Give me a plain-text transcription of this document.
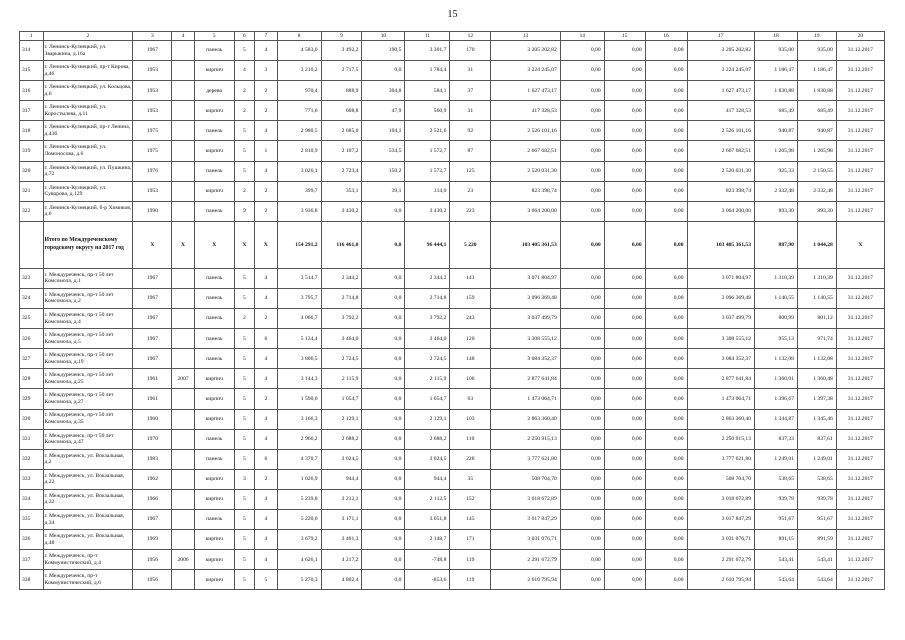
15
1	2	3	4	5	6	7	8	9	10	11	12	13	14	15	16	17	18	19	20
314	г. Ленинск-Кузнецкий, ул. Зварыкина, д.16а	1967		панель	5	4	4 583,0	3 492,2	190,5	3 301,7	170	3 205 202,82	0,00	0,00	0,00	3 205 202,82	935,00	935,00	31.12.2017
315	г. Ленинск-Кузнецкий, пр-т Кирова, д.46	1953		кирпич	4	3	3 210,2	2 717,5	0,0	1 784,4	31	3 224 245,07	0,00	0,00	0,00	3 224 245,07	1 186,47	1 186,47	31.12.2017
316	г. Ленинск-Кузнецкий, ул. Кольцова, д.6	1953		дерево	2	2	970,4	888,9	304,8	584,1	37	1 627 473,17	0,00	0,00	0,00	1 627 473,17	1 830,88	1 830,88	31.12.2017
317	г. Ленинск-Кузнецкий, ул. Коростылева, д.11	1953		кирпич	2	2	771,6	608,8	47,9	560,9	31	417 328,53	0,00	0,00	0,00	417 328,53	685,49	685,49	31.12.2017
318	г. Ленинск-Кузнецкий, пр-т Ленина, д.43б	1975		панель	5	4	2 980,5	2 685,0	104,1	2 521,6	92	2 526 101,16	0,00	0,00	0,00	2 526 101,16	940,87	940,87	31.12.2017
319	г. Ленинск-Кузнецкий, ул. Ломоносова, д.6	1975		кирпич	5	1	2 810,9	2 107,2	534,5	1 572,7	87	2 667 682,51	0,00	0,00	0,00	2 667 682,51	1 265,98	1 265,98	31.12.2017
320	г. Ленинск-Кузнецкий, ул. Пушкина, д.72	1976		панель	5	4	3 026,1	2 723,4	150,2	1 572,7	125	2 520 031,30	0,00	0,00	0,00	2 520 031,30	925,33	2 150,55	31.12.2017
321	г. Ленинск-Кузнецкий, ул. Суворова, д.129	1953		кирпич	2	2	399,7	353,1	39,1	314,0	23	823 398,74	0,00	0,00	0,00	823 398,74	2 332,48	2 332,48	31.12.2017
322	г. Ленинск-Кузнецкий, б-р Химиков, д.6	1990		панель	9	2	3 936,8	3 430,2	0,0	3 430,2	223	3 064 200,00	0,00	0,00	0,00	3 064 200,00	893,30	893,30	31.12.2017
	Итого по Междуреченскому городскому округу на 2017 год	X	X	X	X	X	154 291,2	116 461,0	0,0	96 444,1	5 220	103 405 361,53	0,00	0,00	0,00	103 405 361,53	887,90	1 044,28	X
323	г. Междуреченск, пр-т 50 лет Комсомола, д.1	1967		панель	5	4	3 514,7	2 344,2	0,0	2 344,2	141	3 071 804,97	0,00	0,00	0,00	3 071 804,97	1 310,39	1 310,39	31.12.2017
324	г. Междуреченск, пр-т 50 лет Комсомола, д.2	1967		панель	5	4	3 795,7	2 714,8	0,0	2 714,8	159	3 096 369,48	0,00	0,00	0,00	3 096 369,48	1 140,55	1 140,55	31.12.2017
325	г. Междуреченск, пр-т 50 лет Комсомола, д.4	1967		панель	2	2	4 066,7	3 792,2	0,0	3 792,2	243	3 037 499,79	0,00	0,00	0,00	3 037 499,79	800,99	801,12	31.12.2017
326	г. Междуреченск, пр-т 50 лет Комсомола, д.5	1967		панель	5	6	5 134,4	3 464,0	0,0	3 464,0	120	3 308 555,12	0,00	0,00	0,00	3 308 555,12	955,13	971,74	31.12.2017
327	г. Междуреченск, пр-т 50 лет Комсомола, д.19	1967		панель	5	4	3 806,5	2 724,5	0,0	2 724,5	148	3 084 352,37	0,00	0,00	0,00	3 084 352,37	1 132,08	1 132,08	31.12.2017
328	г. Междуреченск, пр-т 50 лет Комсомола, д.25	1961	2007	кирпич	5	4	3 144,3	2 115,9	0,0	2 115,9	106	2 877 641,84	0,00	0,00	0,00	2 877 641,84	1 360,01	1 360,48	31.12.2017
329	г. Междуреченск, пр-т 50 лет Комсомола, д.27	1961		кирпич	5	2	1 590,6	1 054,7	0,0	1 054,7	63	1 473 064,71	0,00	0,00	0,00	1 473 064,71	1 396,67	1 397,38	31.12.2017
330	г. Междуреченск, пр-т 50 лет Комсомола, д.35	1960		кирпич	5	4	3 166,3	2 129,1	0,0	2 129,1	103	2 863 360,40	0,00	0,00	0,00	2 863 360,40	1 344,87	1 345,46	31.12.2017
331	г. Междуреченск, пр-т 50 лет Комсомола, д.47	1970		панель	5	4	2 966,2	2 688,2	0,0	2 688,2	110	2 250 915,13	0,00	0,00	0,00	2 250 915,13	837,33	837,61	31.12.2017
332	г. Междуреченск, ул. Вокзальная, д.2	1983		панель	5	6	4 370,7	3 024,5	0,0	3 024,5	228	3 777 621,80	0,00	0,00	0,00	3 777 621,80	1 249,01	1 249,01	31.12.2017
333	г. Междуреченск, ул. Вокзальная, д.22	1962		кирпич	3	2	1 026,9	944,4	0,0	944,4	35	508 704,70	0,00	0,00	0,00	508 704,70	538,65	538,65	31.12.2017
334	г. Междуреченск, ул. Вокзальная, д.32	1966		кирпич	5	4	5 239,8	3 212,1	0,0	2 112,5	152	3 018 672,89	0,00	0,00	0,00	3 018 672,89	939,78	939,78	31.12.2017
335	г. Междуреченск, ул. Вокзальная, д.34	1967		панель	5	4	5 220,6	3 171,1	0,0	3 051,8	145	3 017 847,29	0,00	0,00	0,00	3 017 847,29	951,67	951,67	31.12.2017
336	г. Междуреченск, ул. Вокзальная, д.48	1969		кирпич	5	4	3 679,2	3 401,3	0,0	2 148,7	171	3 031 076,71	0,00	0,00	0,00	3 031 076,71	891,15	891,59	31.12.2017
337	г. Междуреченск, пр-т Коммунистический, д.4	1956	2006	кирпич	5	4	4 626,1	4 217,2	0,0	-748,8	119	2 291 672,79	0,00	0,00	0,00	2 291 672,79	543,41	543,41	31.12.2017
338	г. Междуреченск, пр-т Коммунистический, д.6	1956		кирпич	5	5	5 270,3	4 802,4	0,0	-853,6	119	2 610 795,94	0,00	0,00	0,00	2 610 795,94	543,64	543,64	31.12.2017
